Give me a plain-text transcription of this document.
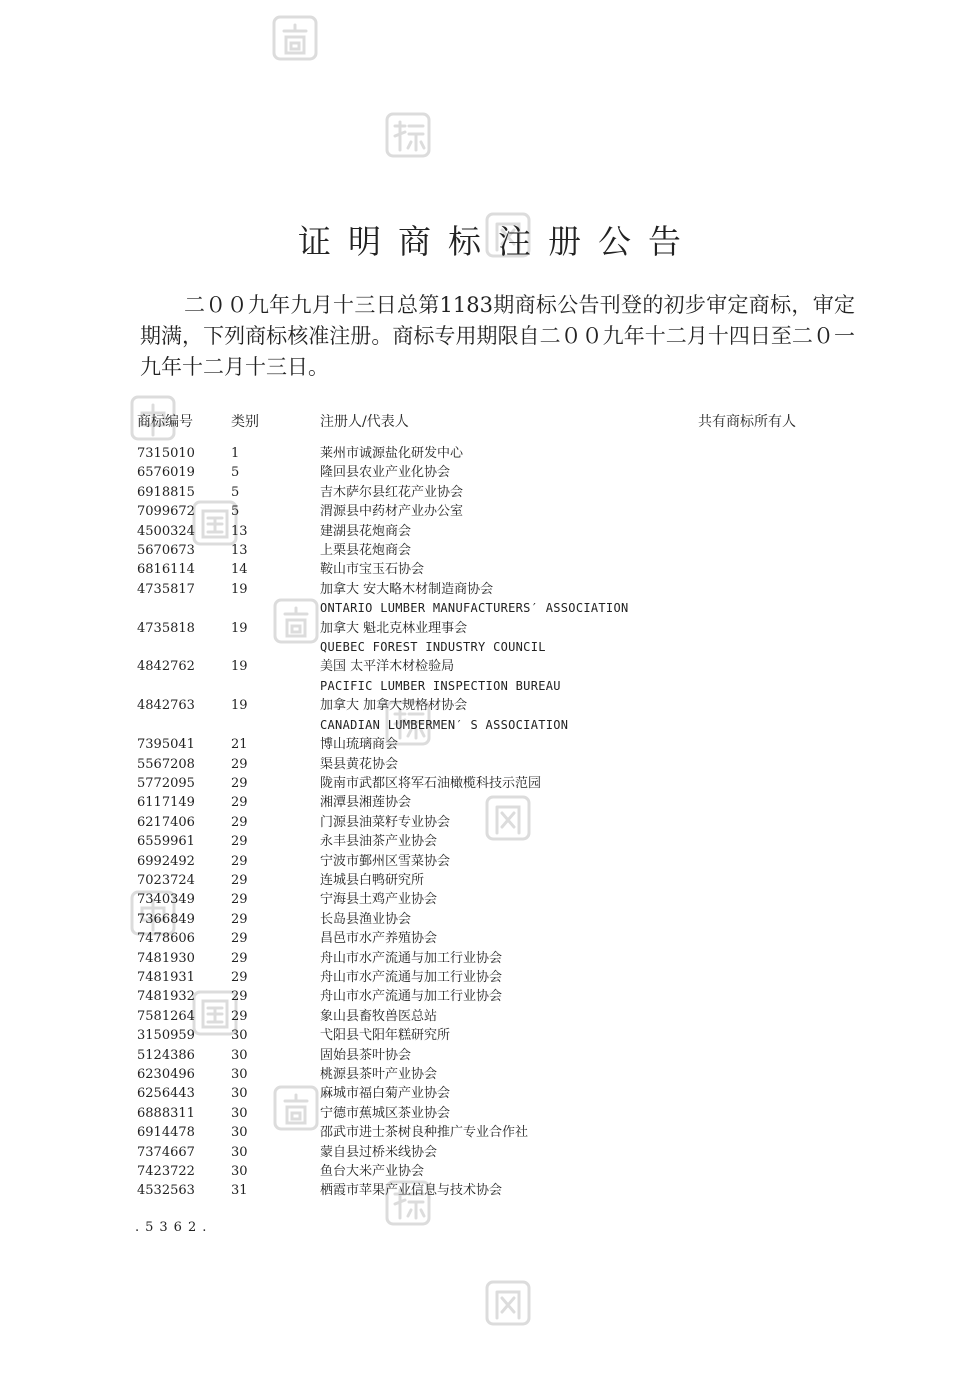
证明商标注册公告
二００九年九月十三日总第1183期商标公告刊登的初步审定商标，审定期满，下列商标核准注册。商标专用期限自二００九年十二月十四日至二０一九年十二月十三日。
商标编号	类别	注册人/代表人	共有商标所有人
7315010	1	莱州市诚源盐化研发中心
6576019	5	隆回县农业产业化协会
6918815	5	吉木萨尔县红花产业协会
7099672	5	渭源县中药材产业办公室
4500324	13	建湖县花炮商会
5670673	13	上栗县花炮商会
6816114	14	鞍山市宝玉石协会
4735817	19	加拿大 安大略木材制造商协会
ONTARIO LUMBER MANUFACTURERS′ ASSOCIATION
4735818	19	加拿大 魁北克林业理事会
QUEBEC FOREST INDUSTRY COUNCIL
4842762	19	美国 太平洋木材检验局
PACIFIC LUMBER INSPECTION BUREAU
4842763	19	加拿大 加拿大规格材协会
CANADIAN LUMBERMEN′ S ASSOCIATION
7395041	21	博山琉璃商会
5567208	29	渠县黄花协会
5772095	29	陇南市武都区将军石油橄榄科技示范园
6117149	29	湘潭县湘莲协会
6217406	29	门源县油菜籽专业协会
6559961	29	永丰县油茶产业协会
6992492	29	宁波市鄞州区雪菜协会
7023724	29	连城县白鸭研究所
7340349	29	宁海县土鸡产业协会
7366849	29	长岛县渔业协会
7478606	29	昌邑市水产养殖协会
7481930	29	舟山市水产流通与加工行业协会
7481931	29	舟山市水产流通与加工行业协会
7481932	29	舟山市水产流通与加工行业协会
7581264	29	象山县畜牧兽医总站
3150959	30	弋阳县弋阳年糕研究所
5124386	30	固始县茶叶协会
6230496	30	桃源县茶叶产业协会
6256443	30	麻城市福白菊产业协会
6888311	30	宁德市蕉城区茶业协会
6914478	30	邵武市进士茶树良种推广专业合作社
7374667	30	蒙自县过桥米线协会
7423722	30	鱼台大米产业协会
4532563	31	栖霞市苹果产业信息与技术协会
.5362.
